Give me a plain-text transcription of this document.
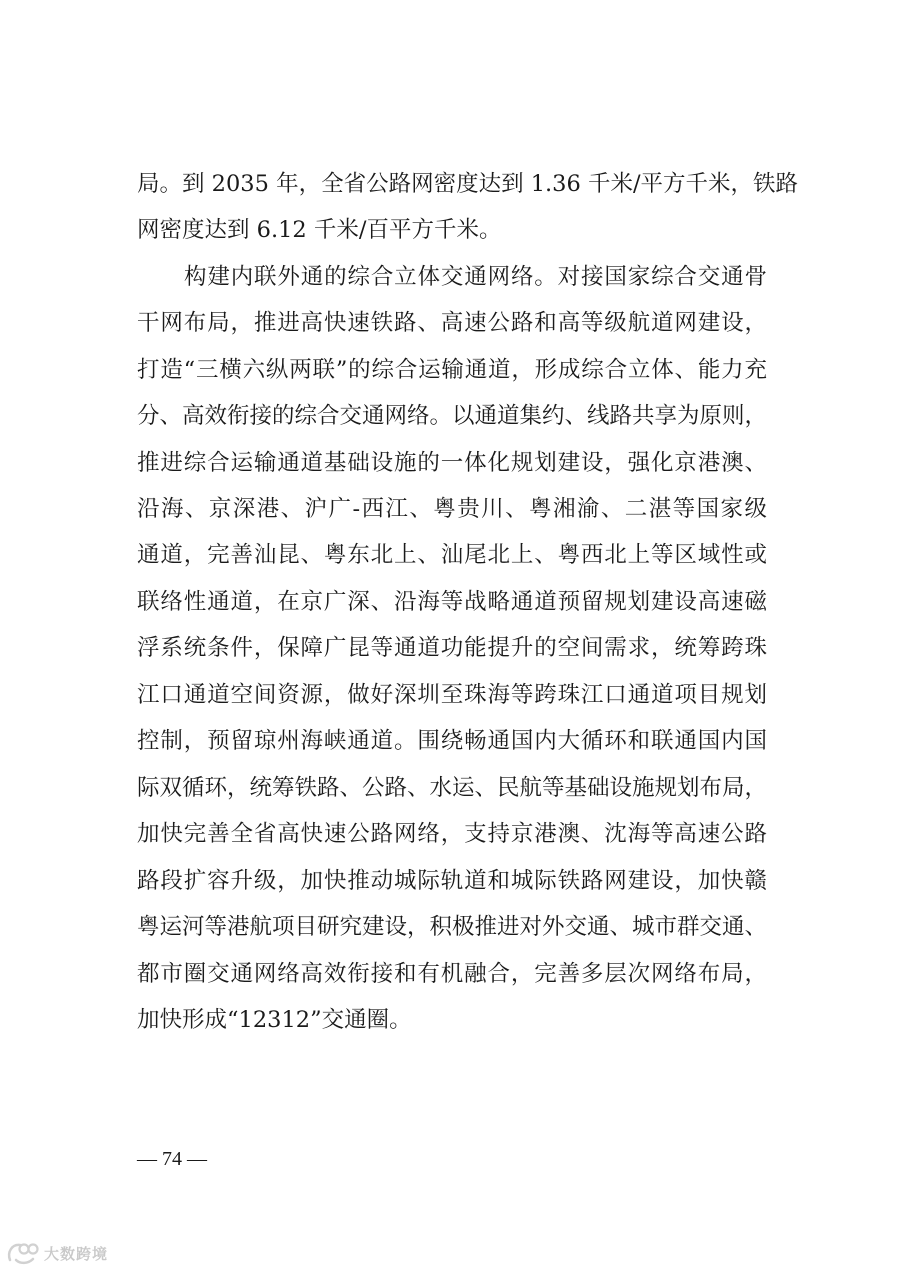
局。到 2035 年，全省公路网密度达到 1.36 千米/平方千米，铁路
网密度达到 6.12 千米/百平方千米。
构建内联外通的综合立体交通网络。对接国家综合交通骨
干网布局，推进高快速铁路、高速公路和高等级航道网建设，
打造“三横六纵两联”的综合运输通道，形成综合立体、能力充
分、高效衔接的综合交通网络。以通道集约、线路共享为原则，
推进综合运输通道基础设施的一体化规划建设，强化京港澳、
沿海、京深港、沪广-西江、粤贵川、粤湘渝、二湛等国家级
通道，完善汕昆、粤东北上、汕尾北上、粤西北上等区域性或
联络性通道，在京广深、沿海等战略通道预留规划建设高速磁
浮系统条件，保障广昆等通道功能提升的空间需求，统筹跨珠
江口通道空间资源，做好深圳至珠海等跨珠江口通道项目规划
控制，预留琼州海峡通道。围绕畅通国内大循环和联通国内国
际双循环，统筹铁路、公路、水运、民航等基础设施规划布局，
加快完善全省高快速公路网络，支持京港澳、沈海等高速公路
路段扩容升级，加快推动城际轨道和城际铁路网建设，加快赣
粤运河等港航项目研究建设，积极推进对外交通、城市群交通、
都市圈交通网络高效衔接和有机融合，完善多层次网络布局，
加快形成“12312”交通圈。
— 74 —
大数跨境
